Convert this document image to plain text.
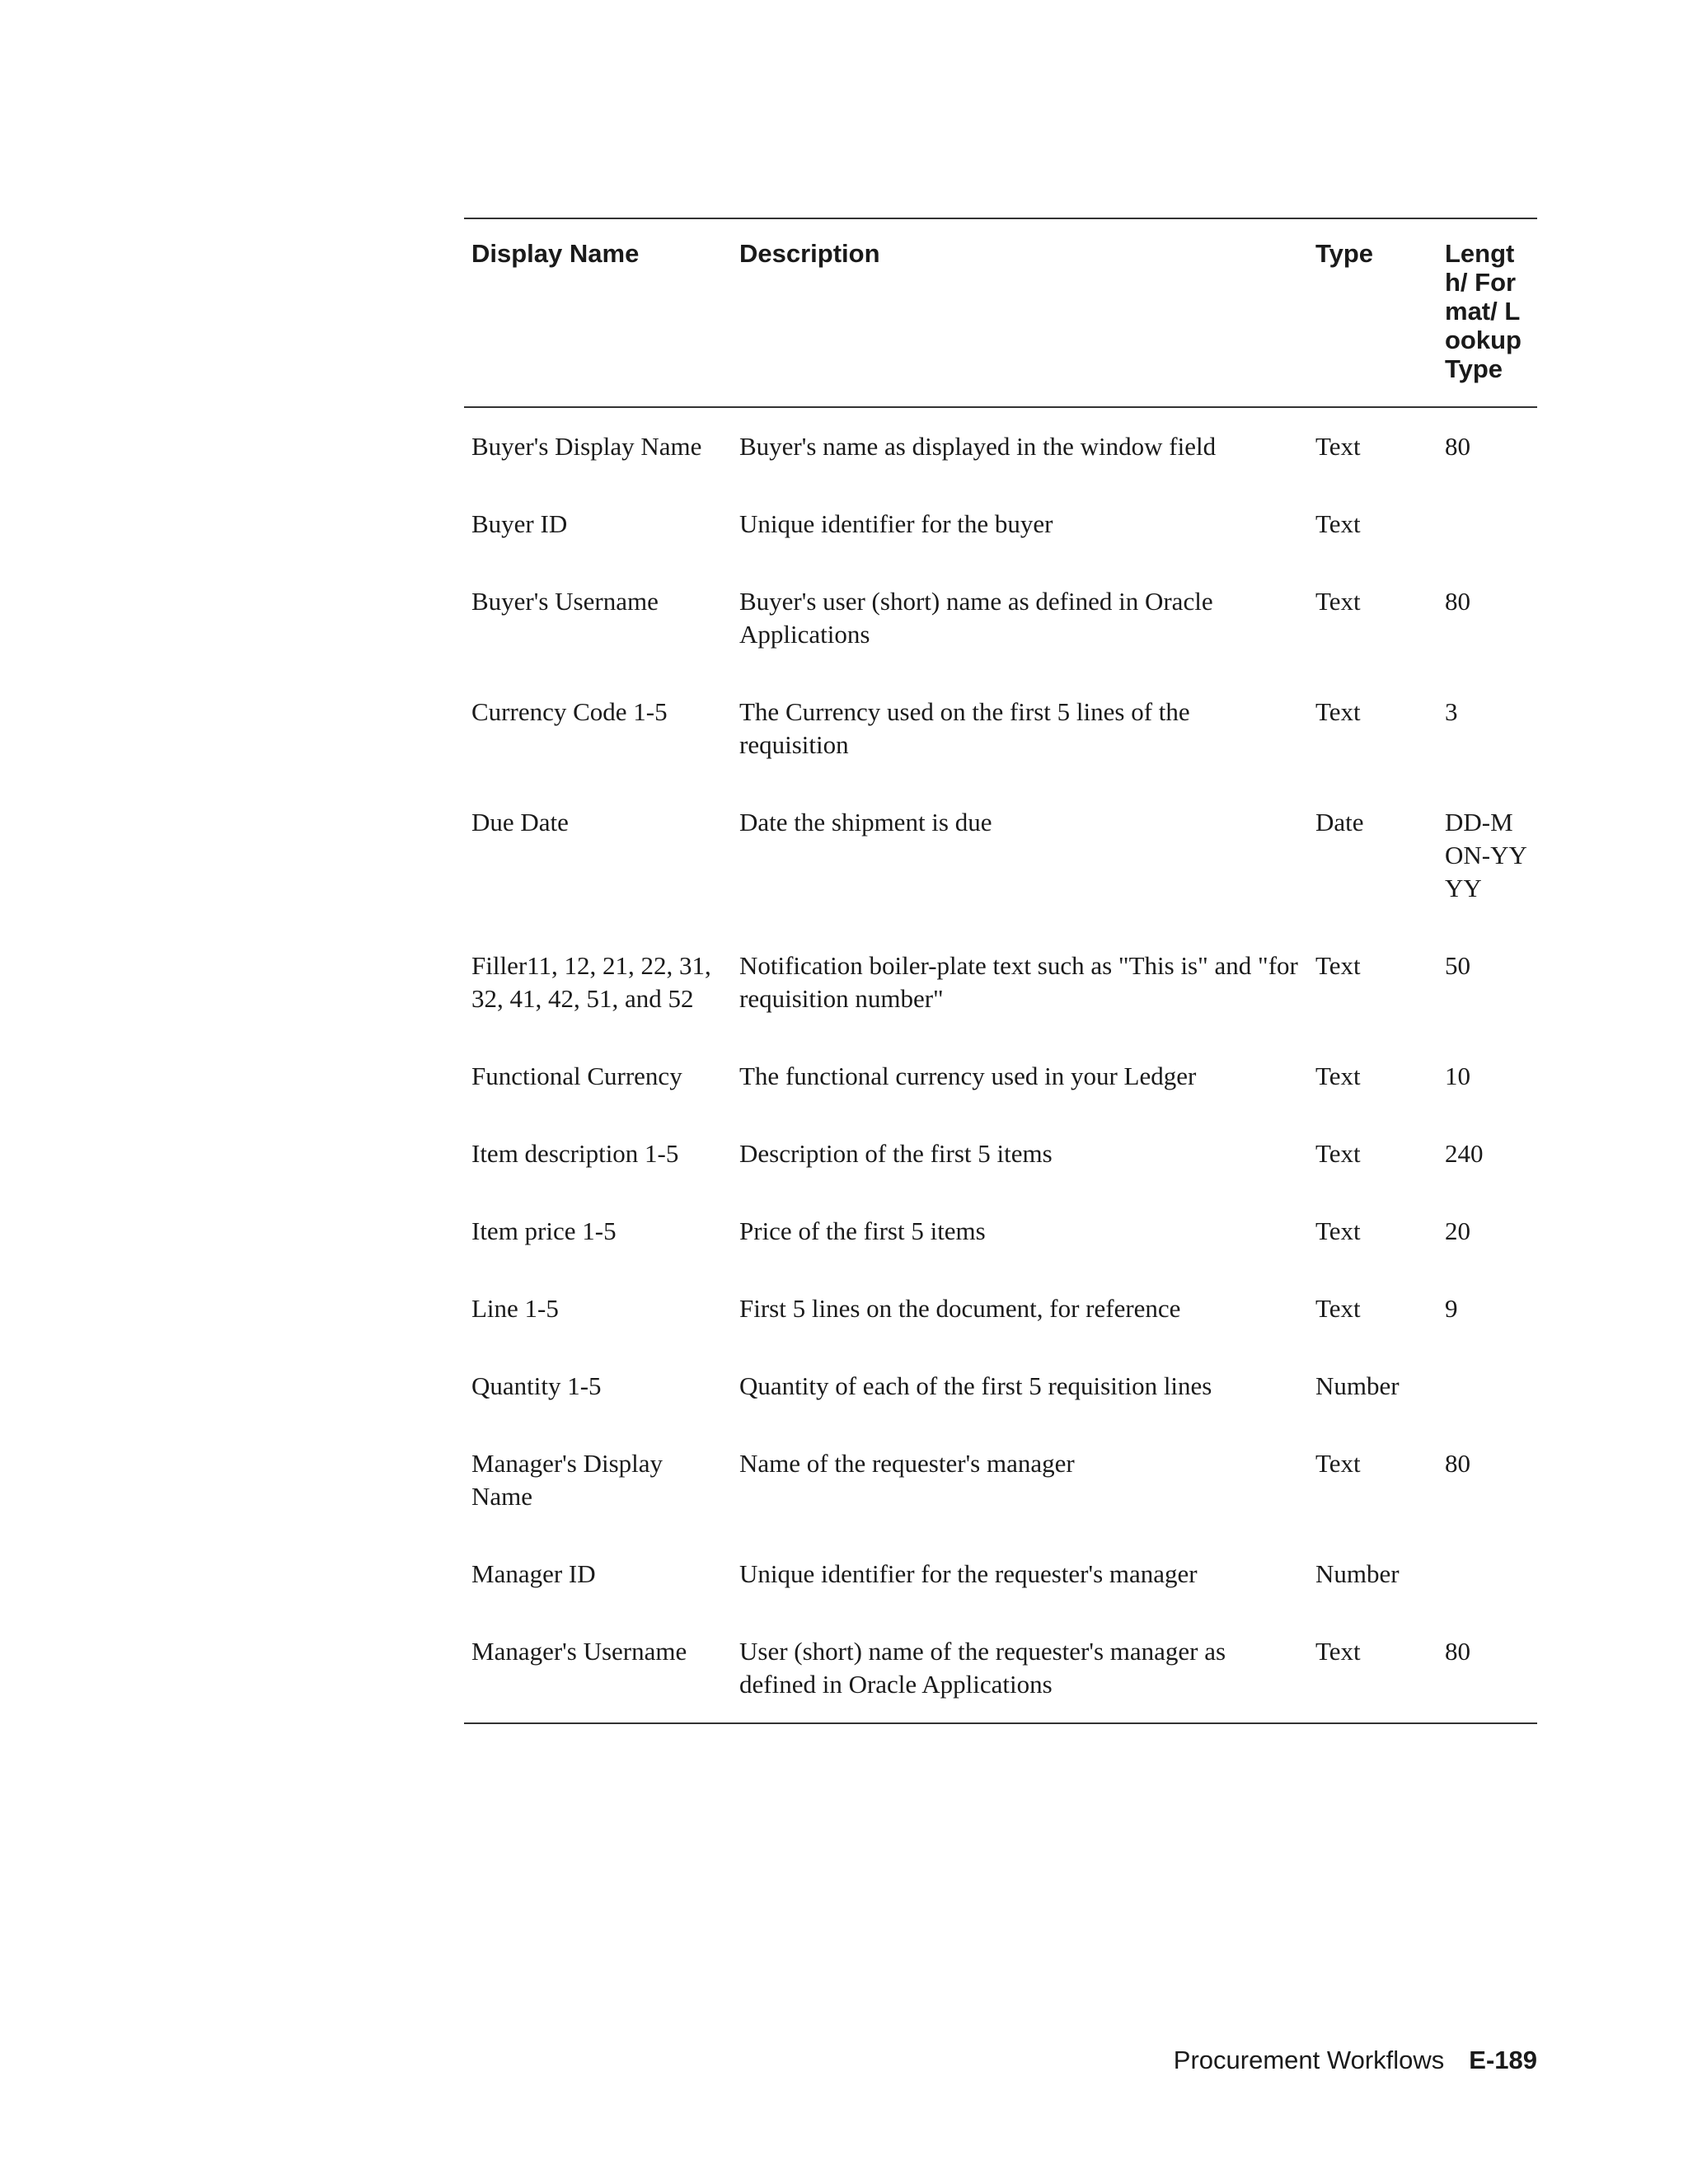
Display Name	Description	Type	Length/ Format/ Lookup Type
Buyer's Display Name	Buyer's name as displayed in the window field	Text	80
Buyer ID	Unique identifier for the buyer	Text	
Buyer's Username	Buyer's user (short) name as defined in Oracle Applications	Text	80
Currency Code 1-5	The Currency used on the first 5 lines of the requisition	Text	3
Due Date	Date the shipment is due	Date	DD-MON-YYYY
Filler11, 12, 21, 22, 31, 32, 41, 42, 51, and 52	Notification boiler-plate text such as "This is" and "for requisition number"	Text	50
Functional Currency	The functional currency used in your Ledger	Text	10
Item description 1-5	Description of the first 5 items	Text	240
Item price 1-5	Price of the first 5 items	Text	20
Line 1-5	First 5 lines on the document, for reference	Text	9
Quantity 1-5	Quantity of each of the first 5 requisition lines	Number	
Manager's Display Name	Name of the requester's manager	Text	80
Manager ID	Unique identifier for the requester's manager	Number	
Manager's Username	User (short) name of the requester's manager as defined in Oracle Applications	Text	80
Procurement Workflows E-189
